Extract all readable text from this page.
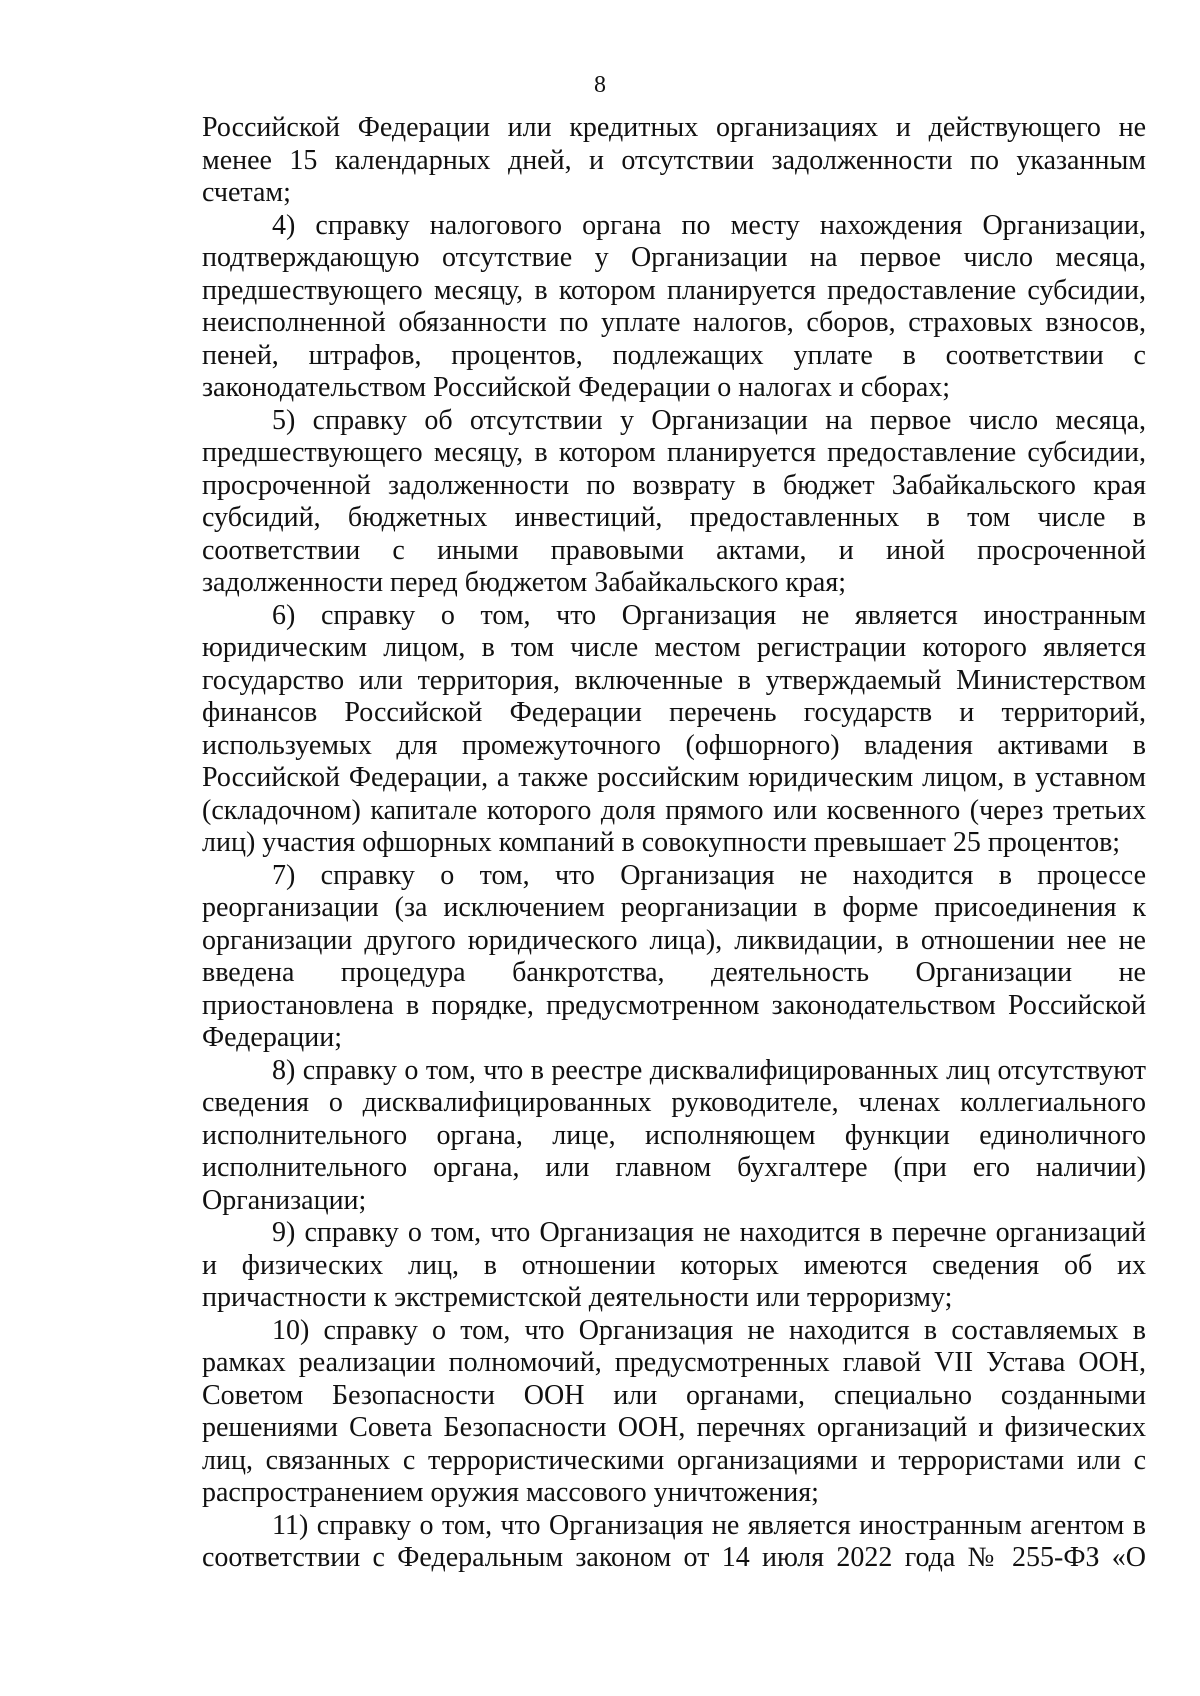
8

Российской Федерации или кредитных организациях и действующего не менее 15 календарных дней, и отсутствии задолженности по указанным счетам;

4) справку налогового органа по месту нахождения Организации, подтверждающую отсутствие у Организации на первое число месяца, предшествующего месяцу, в котором планируется предоставление субсидии, неисполненной обязанности по уплате налогов, сборов, страховых взносов, пеней, штрафов, процентов, подлежащих уплате в соответствии с законодательством Российской Федерации о налогах и сборах;

5) справку об отсутствии у Организации на первое число месяца, предшествующего месяцу, в котором планируется предоставление субсидии, просроченной задолженности по возврату в бюджет Забайкальского края субсидий, бюджетных инвестиций, предоставленных в том числе в соответствии с иными правовыми актами, и иной просроченной задолженности перед бюджетом Забайкальского края;

6) справку о том, что Организация не является иностранным юридическим лицом, в том числе местом регистрации которого является государство или территория, включенные в утверждаемый Министерством финансов Российской Федерации перечень государств и территорий, используемых для промежуточного (офшорного) владения активами в Российской Федерации, а также российским юридическим лицом, в уставном (складочном) капитале которого доля прямого или косвенного (через третьих лиц) участия офшорных компаний в совокупности превышает 25 процентов;

7) справку о том, что Организация не находится в процессе реорганизации (за исключением реорганизации в форме присоединения к организации другого юридического лица), ликвидации, в отношении нее не введена процедура банкротства, деятельность Организации не приостановлена в порядке, предусмотренном законодательством Российской Федерации;

8) справку о том, что в реестре дисквалифицированных лиц отсутствуют сведения о дисквалифицированных руководителе, членах коллегиального исполнительного органа, лице, исполняющем функции единоличного исполнительного органа, или главном бухгалтере (при его наличии) Организации;

9) справку о том, что Организация не находится в перечне организаций и физических лиц, в отношении которых имеются сведения об их причастности к экстремистской деятельности или терроризму;

10) справку о том, что Организация не находится в составляемых в рамках реализации полномочий, предусмотренных главой VII Устава ООН, Советом Безопасности ООН или органами, специально созданными решениями Совета Безопасности ООН, перечнях организаций и физических лиц, связанных с террористическими организациями и террористами или с распространением оружия массового уничтожения;

11) справку о том, что Организация не является иностранным агентом в соответствии с Федеральным законом от 14 июля 2022 года № 255-ФЗ «О
